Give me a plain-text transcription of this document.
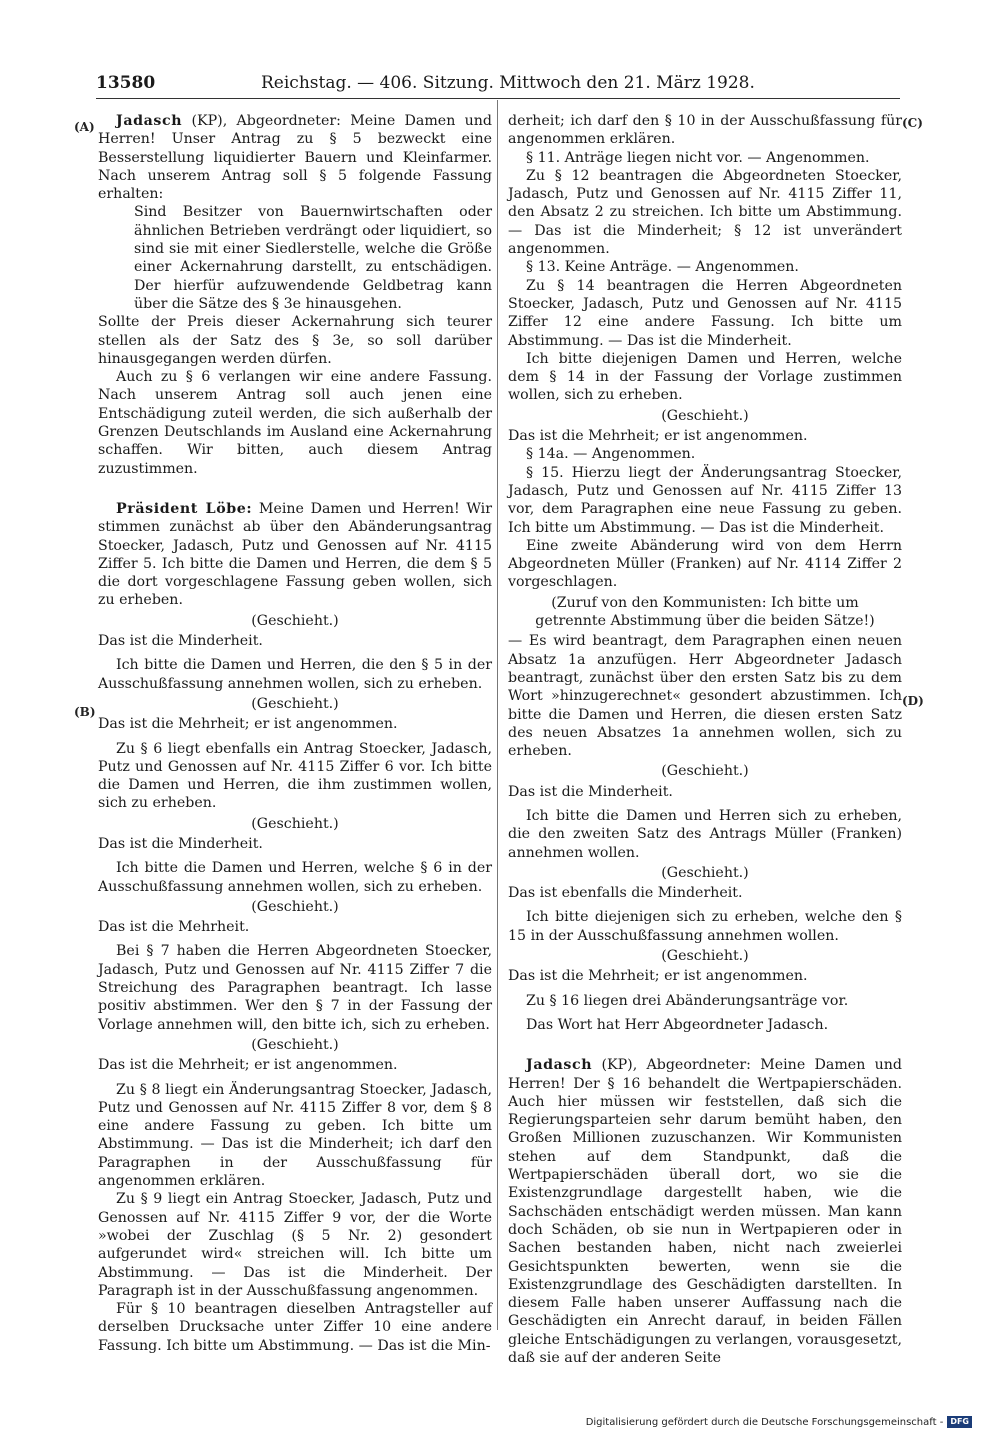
13580	Reichstag. — 406. Sitzung. Mittwoch den 21. März 1928.
(A)
(B)
(C)
(D)

Jadasch (KP), Abgeordneter: Meine Damen und Herren! Unser Antrag zu § 5 bezweckt eine Besserstellung liquidierter Bauern und Kleinfarmer. Nach unserem Antrag soll § 5 folgende Fassung erhalten:

Sind Besitzer von Bauernwirtschaften oder ähnlichen Betrieben verdrängt oder liquidiert, so sind sie mit einer Siedlerstelle, welche die Größe einer Ackernahrung darstellt, zu entschädigen. Der hierfür aufzuwendende Geldbetrag kann über die Sätze des § 3e hinausgehen.

Sollte der Preis dieser Ackernahrung sich teurer stellen als der Satz des § 3e, so soll darüber hinausgegangen werden dürfen.

Auch zu § 6 verlangen wir eine andere Fassung. Nach unserem Antrag soll auch jenen eine Entschädigung zuteil werden, die sich außerhalb der Grenzen Deutschlands im Ausland eine Ackernahrung schaffen. Wir bitten, auch diesem Antrag zuzustimmen.

Präsident Löbe: Meine Damen und Herren! Wir stimmen zunächst ab über den Abänderungsantrag Stoecker, Jadasch, Putz und Genossen auf Nr. 4115 Ziffer 5. Ich bitte die Damen und Herren, die dem § 5 die dort vorgeschlagene Fassung geben wollen, sich zu erheben.

(Geschieht.)

Das ist die Minderheit.

Ich bitte die Damen und Herren, die den § 5 in der Ausschußfassung annehmen wollen, sich zu erheben.

(Geschieht.)

Das ist die Mehrheit; er ist angenommen.

Zu § 6 liegt ebenfalls ein Antrag Stoecker, Jadasch, Putz und Genossen auf Nr. 4115 Ziffer 6 vor. Ich bitte die Damen und Herren, die ihm zustimmen wollen, sich zu erheben.

(Geschieht.)

Das ist die Minderheit.

Ich bitte die Damen und Herren, welche § 6 in der Ausschußfassung annehmen wollen, sich zu erheben.

(Geschieht.)

Das ist die Mehrheit.

Bei § 7 haben die Herren Abgeordneten Stoecker, Jadasch, Putz und Genossen auf Nr. 4115 Ziffer 7 die Streichung des Paragraphen beantragt. Ich lasse positiv abstimmen. Wer den § 7 in der Fassung der Vorlage annehmen will, den bitte ich, sich zu erheben.

(Geschieht.)

Das ist die Mehrheit; er ist angenommen.

Zu § 8 liegt ein Änderungsantrag Stoecker, Jadasch, Putz und Genossen auf Nr. 4115 Ziffer 8 vor, dem § 8 eine andere Fassung zu geben. Ich bitte um Abstimmung. — Das ist die Minderheit; ich darf den Paragraphen in der Ausschußfassung für angenommen erklären.

Zu § 9 liegt ein Antrag Stoecker, Jadasch, Putz und Genossen auf Nr. 4115 Ziffer 9 vor, der die Worte »wobei der Zuschlag (§ 5 Nr. 2) gesondert aufgerundet wird« streichen will. Ich bitte um Abstimmung. — Das ist die Minderheit. Der Paragraph ist in der Ausschußfassung angenommen.

Für § 10 beantragen dieselben Antragsteller auf derselben Drucksache unter Ziffer 10 eine andere Fassung. Ich bitte um Abstimmung. — Das ist die Min-

derheit; ich darf den § 10 in der Ausschußfassung für angenommen erklären.

§ 11. Anträge liegen nicht vor. — Angenommen.

Zu § 12 beantragen die Abgeordneten Stoecker, Jadasch, Putz und Genossen auf Nr. 4115 Ziffer 11, den Absatz 2 zu streichen. Ich bitte um Abstimmung. — Das ist die Minderheit; § 12 ist unverändert angenommen.

§ 13. Keine Anträge. — Angenommen.

Zu § 14 beantragen die Herren Abgeordneten Stoecker, Jadasch, Putz und Genossen auf Nr. 4115 Ziffer 12 eine andere Fassung. Ich bitte um Abstimmung. — Das ist die Minderheit.

Ich bitte diejenigen Damen und Herren, welche dem § 14 in der Fassung der Vorlage zustimmen wollen, sich zu erheben.

(Geschieht.)

Das ist die Mehrheit; er ist angenommen.

§ 14a. — Angenommen.

§ 15. Hierzu liegt der Änderungsantrag Stoecker, Jadasch, Putz und Genossen auf Nr. 4115 Ziffer 13 vor, dem Paragraphen eine neue Fassung zu geben. Ich bitte um Abstimmung. — Das ist die Minderheit.

Eine zweite Abänderung wird von dem Herrn Abgeordneten Müller (Franken) auf Nr. 4114 Ziffer 2 vorgeschlagen.

(Zuruf von den Kommunisten: Ich bitte um getrennte Abstimmung über die beiden Sätze!)

— Es wird beantragt, dem Paragraphen einen neuen Absatz 1a anzufügen. Herr Abgeordneter Jadasch beantragt, zunächst über den ersten Satz bis zu dem Wort »hinzugerechnet« gesondert abzustimmen. Ich bitte die Damen und Herren, die diesen ersten Satz des neuen Absatzes 1a annehmen wollen, sich zu erheben.

(Geschieht.)

Das ist die Minderheit.

Ich bitte die Damen und Herren sich zu erheben, die den zweiten Satz des Antrags Müller (Franken) annehmen wollen.

(Geschieht.)

Das ist ebenfalls die Minderheit.

Ich bitte diejenigen sich zu erheben, welche den § 15 in der Ausschußfassung annehmen wollen.

(Geschieht.)

Das ist die Mehrheit; er ist angenommen.

Zu § 16 liegen drei Abänderungsanträge vor.

Das Wort hat Herr Abgeordneter Jadasch.

Jadasch (KP), Abgeordneter: Meine Damen und Herren! Der § 16 behandelt die Wertpapierschäden. Auch hier müssen wir feststellen, daß sich die Regierungsparteien sehr darum bemüht haben, den Großen Millionen zuzuschanzen. Wir Kommunisten stehen auf dem Standpunkt, daß die Wertpapierschäden überall dort, wo sie die Existenzgrundlage dargestellt haben, wie die Sachschäden entschädigt werden müssen. Man kann doch Schäden, ob sie nun in Wertpapieren oder in Sachen bestanden haben, nicht nach zweierlei Gesichtspunkten bewerten, wenn sie die Existenzgrundlage des Geschädigten darstellten. In diesem Falle haben unserer Auffassung nach die Geschädigten ein Anrecht darauf, in beiden Fällen gleiche Entschädigungen zu verlangen, vorausgesetzt, daß sie auf der anderen Seite

Digitalisierung gefördert durch die Deutsche Forschungsgemeinschaft - DFG
